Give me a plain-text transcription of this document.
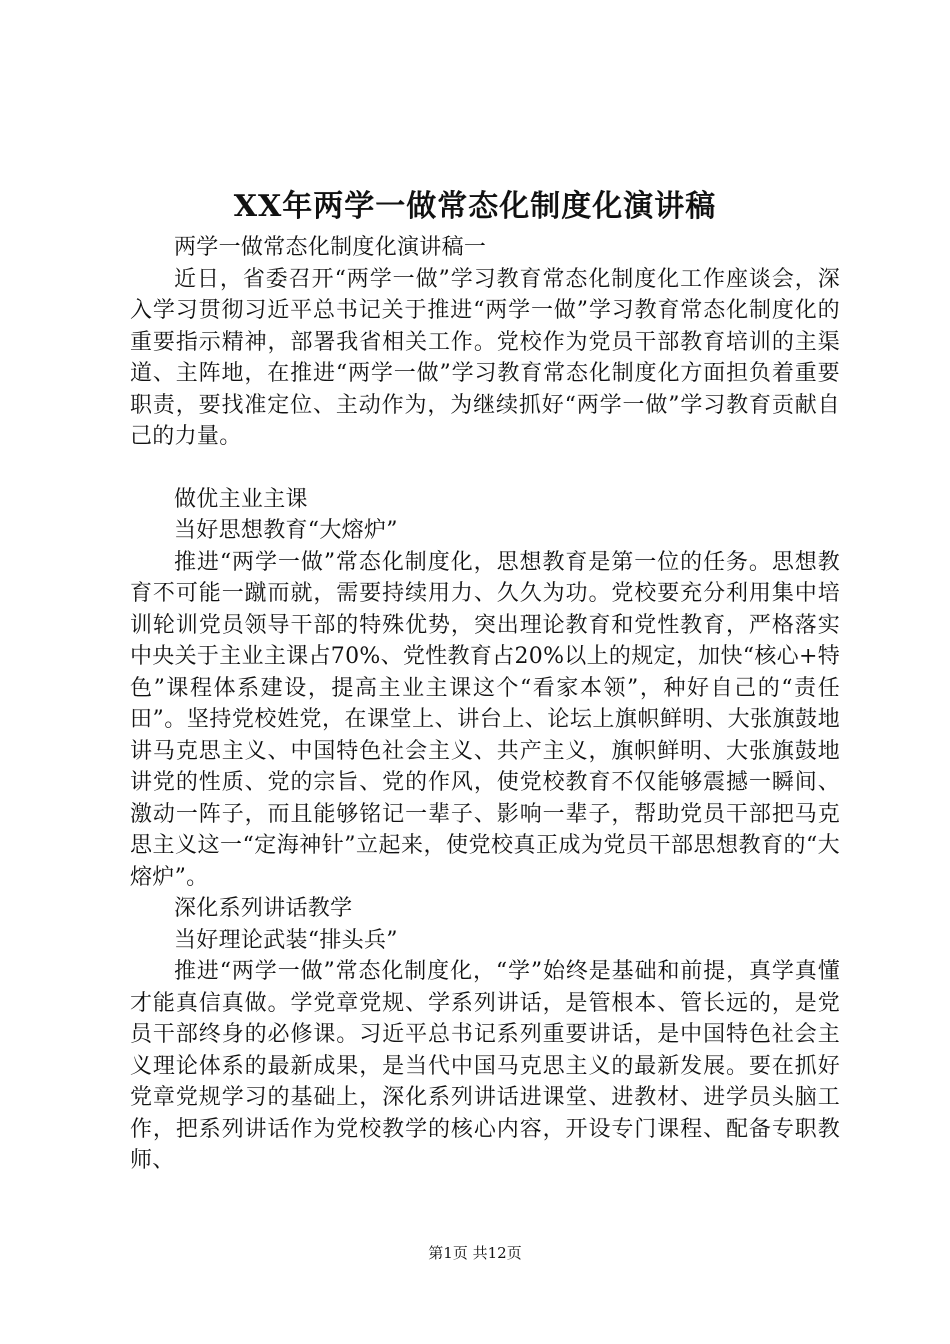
XX年两学一做常态化制度化演讲稿

两学一做常态化制度化演讲稿一

近日，省委召开“两学一做”学习教育常态化制度化工作座谈会，深入学习贯彻习近平总书记关于推进“两学一做”学习教育常态化制度化的重要指示精神，部署我省相关工作。党校作为党员干部教育培训的主渠道、主阵地，在推进“两学一做”学习教育常态化制度化方面担负着重要职责，要找准定位、主动作为，为继续抓好“两学一做”学习教育贡献自己的力量。

做优主业主课

当好思想教育“大熔炉”

推进“两学一做”常态化制度化，思想教育是第一位的任务。思想教育不可能一蹴而就，需要持续用力、久久为功。党校要充分利用集中培训轮训党员领导干部的特殊优势，突出理论教育和党性教育，严格落实中央关于主业主课占70%、党性教育占20%以上的规定，加快“核心+特色”课程体系建设，提高主业主课这个“看家本领”，种好自己的“责任田”。坚持党校姓党，在课堂上、讲台上、论坛上旗帜鲜明、大张旗鼓地讲马克思主义、中国特色社会主义、共产主义，旗帜鲜明、大张旗鼓地讲党的性质、党的宗旨、党的作风，使党校教育不仅能够震撼一瞬间、激动一阵子，而且能够铭记一辈子、影响一辈子，帮助党员干部把马克思主义这一“定海神针”立起来，使党校真正成为党员干部思想教育的“大熔炉”。

深化系列讲话教学

当好理论武装“排头兵”

推进“两学一做”常态化制度化，“学”始终是基础和前提，真学真懂才能真信真做。学党章党规、学系列讲话，是管根本、管长远的，是党员干部终身的必修课。习近平总书记系列重要讲话，是中国特色社会主义理论体系的最新成果，是当代中国马克思主义的最新发展。要在抓好党章党规学习的基础上，深化系列讲话进课堂、进教材、进学员头脑工作，把系列讲话作为党校教学的核心内容，开设专门课程、配备专职教师、

第1页 共12页
